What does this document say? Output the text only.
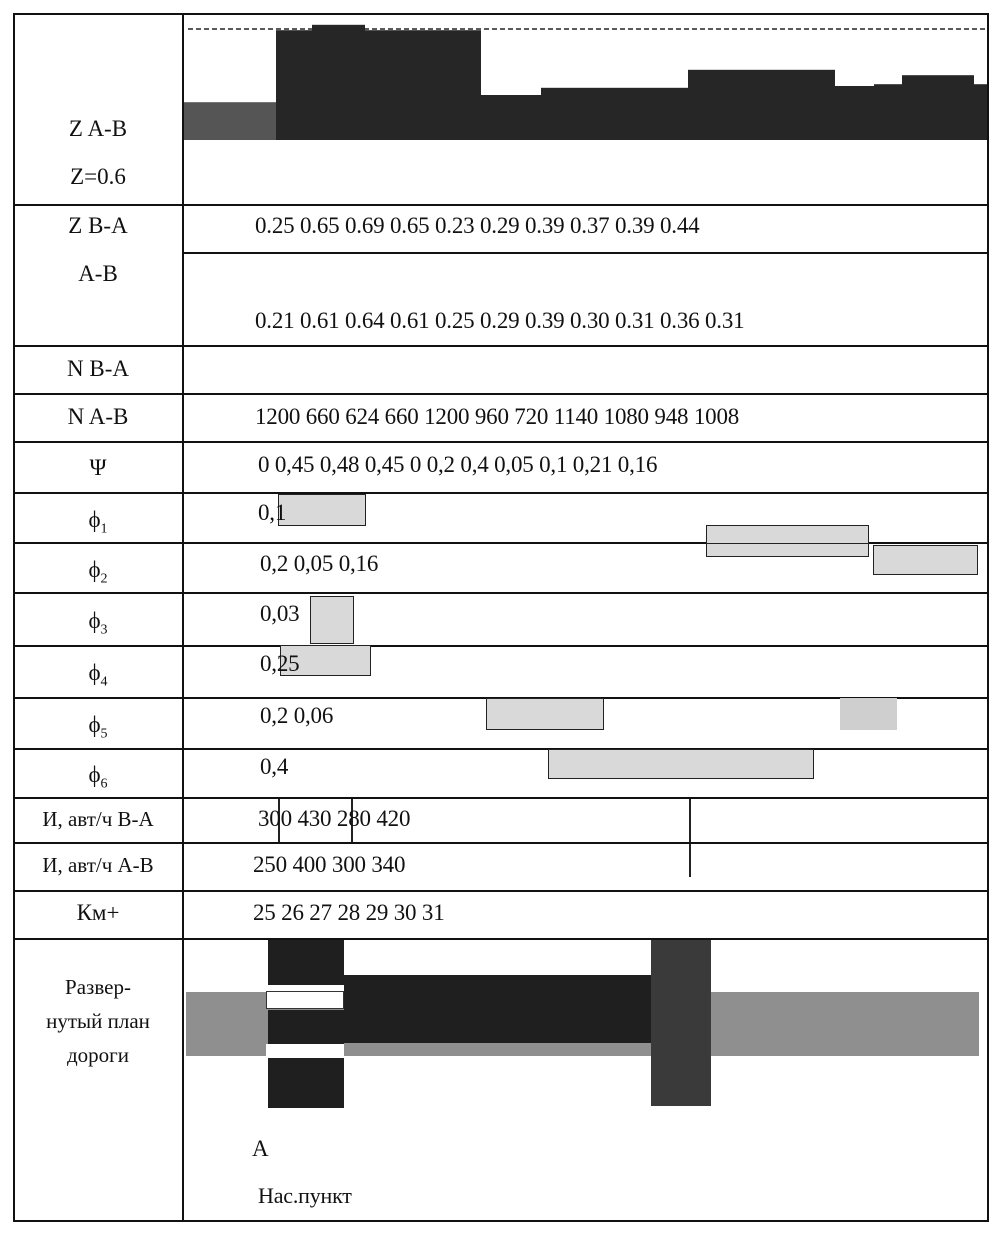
Z A-B
Z=0.6
Z B-A
A-B
N B-A
N A-B
Ψ
$\phi_1$
$\phi_2$
$\phi_3$
$\phi_4$
$\phi_5$
$\phi_6$
И, авт/ч В-А
И, авт/ч А-В
Км+
Развер-
нутый план
дороги
0.25 0.65 0.69 0.65 0.23 0.29 0.39 0.37 0.39 0.44
0.21 0.61 0.64 0.61 0.25 0.29 0.39 0.30 0.31 0.36 0.31
1200 660 624 660 1200 960 720 1140 1080 948 1008
0 0,45 0,48 0,45 0 0,2 0,4 0,05 0,1 0,21 0,16
0,1
0,2 0,05 0,16
0,03
0,25
0,2 0,06
0,4
300 430 280 420
250 400 300 340
25 26 27 28 29 30 31
А
Нас.пункт
